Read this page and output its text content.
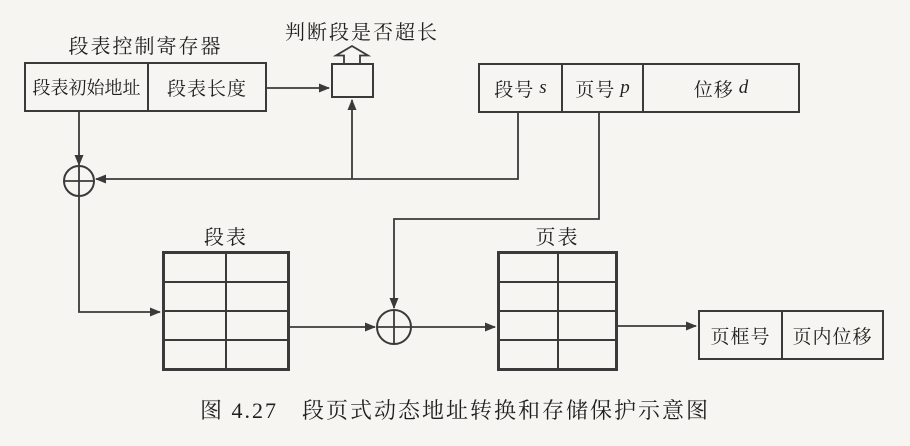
段表控制寄存器
段表初始地址	段表长度
判断段是否超长
段号 s 页号 p	位移 d
段表	页表
页框号	页内位移
图 4.27　段页式动态地址转换和存储保护示意图
